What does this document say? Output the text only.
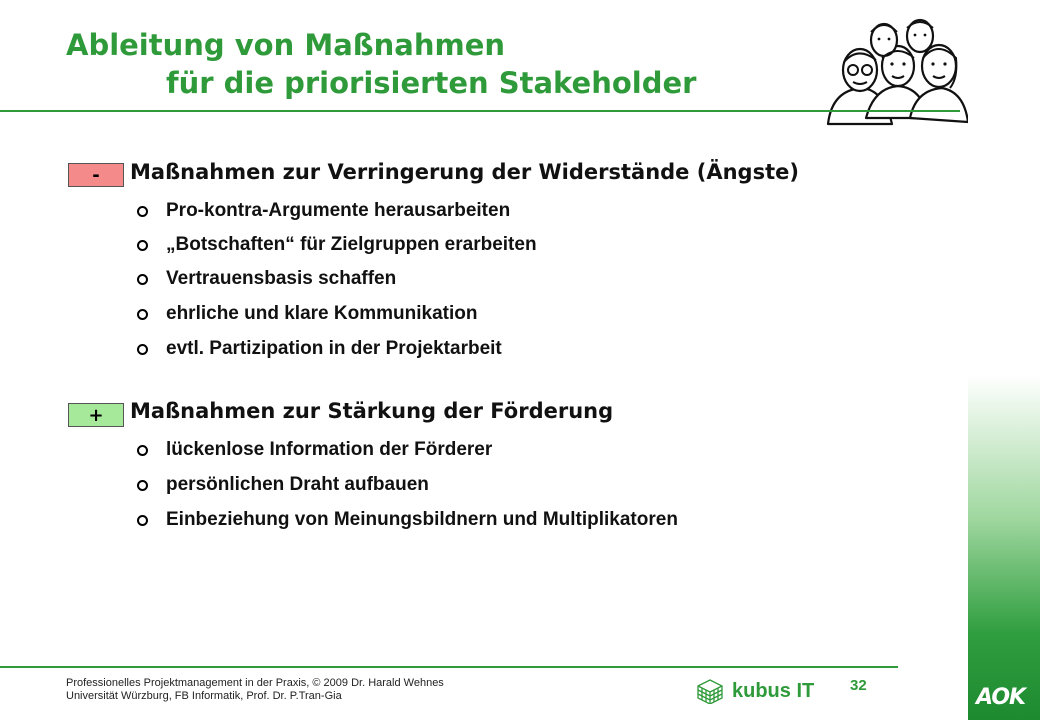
Ableitung von Maßnahmen
für die priorisierten Stakeholder
-	Maßnahmen zur Verringerung der Widerstände (Ängste)
Pro-kontra-Argumente herausarbeiten
„Botschaften“ für Zielgruppen erarbeiten
Vertrauensbasis schaffen
ehrliche und klare Kommunikation
evtl. Partizipation in der Projektarbeit
+	Maßnahmen zur Stärkung der Förderung
lückenlose Information der Förderer
persönlichen Draht aufbauen
Einbeziehung von Meinungsbildnern und Multiplikatoren
AOK
Professionelles Projektmanagement in der Praxis, © 2009 Dr. Harald Wehnes
Universität Würzburg, FB Informatik, Prof. Dr. P.Tran-Gia	kubus IT 32
